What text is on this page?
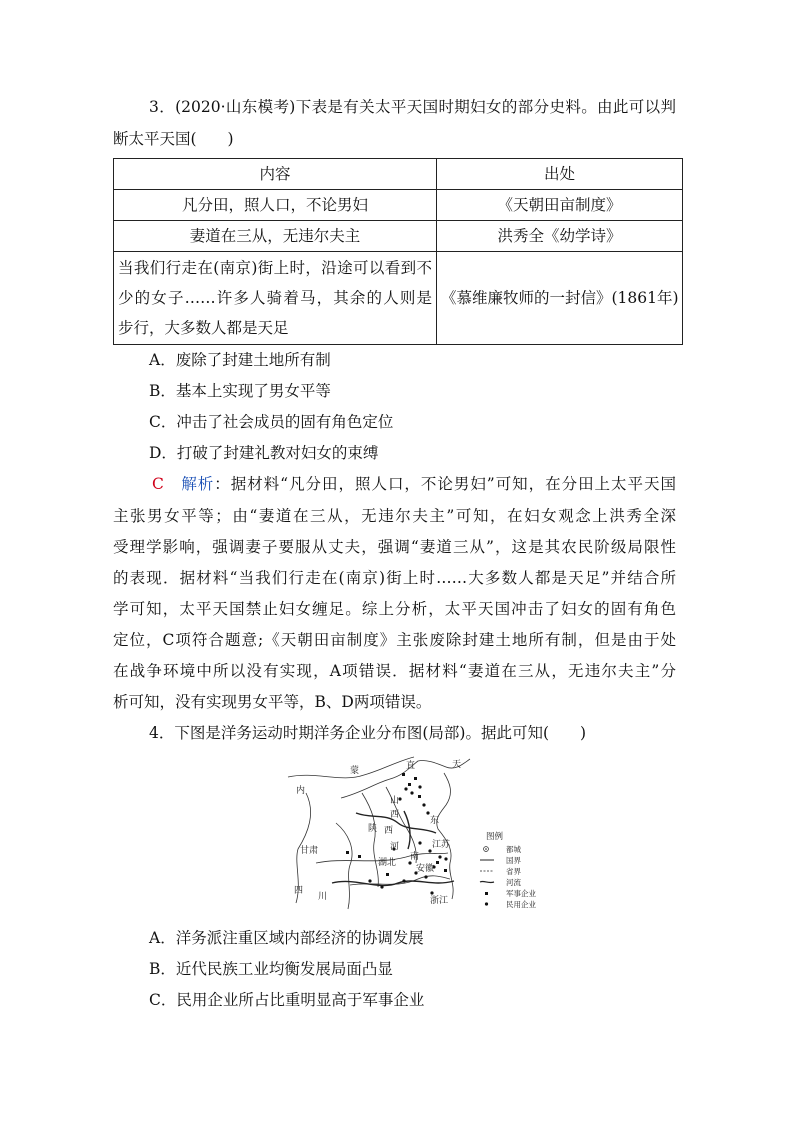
3．(2020·山东模考)下表是有关太平天国时期妇女的部分史料。由此可以判
断太平天国(　　)
内容	出处
凡分田，照人口，不论男妇	《天朝田亩制度》
妻道在三从，无违尔夫主	洪秀全《幼学诗》

当我们行走在(南京)街上时，沿途可以看到不
少的女子……许多人骑着马，其余的人则是
步行，大多数人都是天足	《慕维廉牧师的一封信》(1861年)
A．废除了封建土地所有制
B．基本上实现了男女平等
C．冲击了社会成员的固有角色定位
D．打破了封建礼教对妇女的束缚
C　 解析：据材料“凡分田，照人口，不论男妇”可知，在分田上太平天国
主张男女平等；由“妻道在三从，无违尔夫主”可知，在妇女观念上洪秀全深
受理学影响，强调妻子要服从丈夫，强调“妻道三从”，这是其农民阶级局限性
的表现．据材料“当我们行走在(南京)街上时……大多数人都是天足”并结合所
学可知，太平天国禁止妇女缠足。综上分析，太平天国冲击了妇女的固有角色
定位，C项符合题意;《天朝田亩制度》主张废除封建土地所有制，但是由于处
在战争环境中所以没有实现，A项错误．据材料“妻道在三从，无违尔夫主”分
析可知，没有实现男女平等，B、D两项错误。
4．下图是洋务运动时期洋务企业分布图(局部)。据此可知(　　)
蒙	直	天
内
山
西
东
陕
甘肃
西
河	江苏
南
安徽
湖北
四
川	浙江
图例
都城
国界
省界
河流
军事企业
民用企业
A．洋务派注重区域内部经济的协调发展
B．近代民族工业均衡发展局面凸显
C．民用企业所占比重明显高于军事企业
